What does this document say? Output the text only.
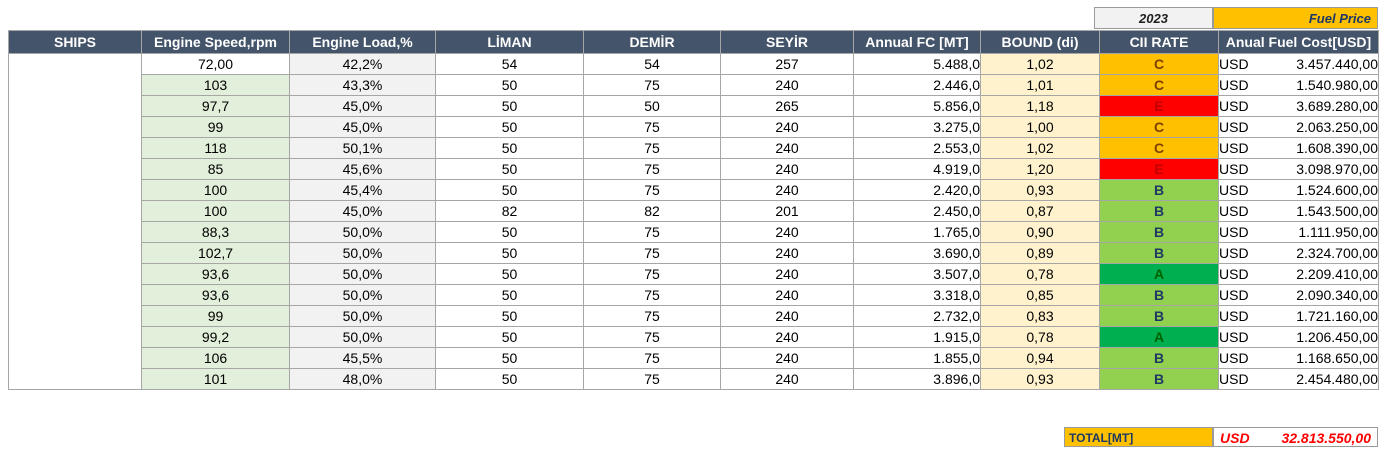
2023	Fuel Price
SHIPS	Engine Speed,rpm	Engine Load,%	LİMAN	DEMİR	SEYİR	Annual FC [MT]	BOUND (di)	CII RATE	Anual Fuel Cost[USD]
	72,00	42,2%	54	54	257	5.488,0	1,02	C	USD 3.457.440,00

	103	43,3%	50	75	240	2.446,0	1,01	C	USD 1.540.980,00

	97,7	45,0%	50	50	265	5.856,0	1,18	E	USD 3.689.280,00

	99	45,0%	50	75	240	3.275,0	1,00	C	USD 2.063.250,00

	118	50,1%	50	75	240	2.553,0	1,02	C	USD 1.608.390,00

	85	45,6%	50	75	240	4.919,0	1,20	E	USD 3.098.970,00

	100	45,4%	50	75	240	2.420,0	0,93	B	USD 1.524.600,00

	100	45,0%	82	82	201	2.450,0	0,87	B	USD 1.543.500,00

	88,3	50,0%	50	75	240	1.765,0	0,90	B	USD 1.111.950,00

	102,7	50,0%	50	75	240	3.690,0	0,89	B	USD 2.324.700,00

	93,6	50,0%	50	75	240	3.507,0	0,78	A	USD 2.209.410,00

	93,6	50,0%	50	75	240	3.318,0	0,85	B	USD 2.090.340,00

	99	50,0%	50	75	240	2.732,0	0,83	B	USD 1.721.160,00

	99,2	50,0%	50	75	240	1.915,0	0,78	A	USD 1.206.450,00

	106	45,5%	50	75	240	1.855,0	0,94	B	USD 1.168.650,00

	101	48,0%	50	75	240	3.896,0	0,93	B	USD 2.454.480,00
TOTAL[MT]	USD 32.813.550,00
